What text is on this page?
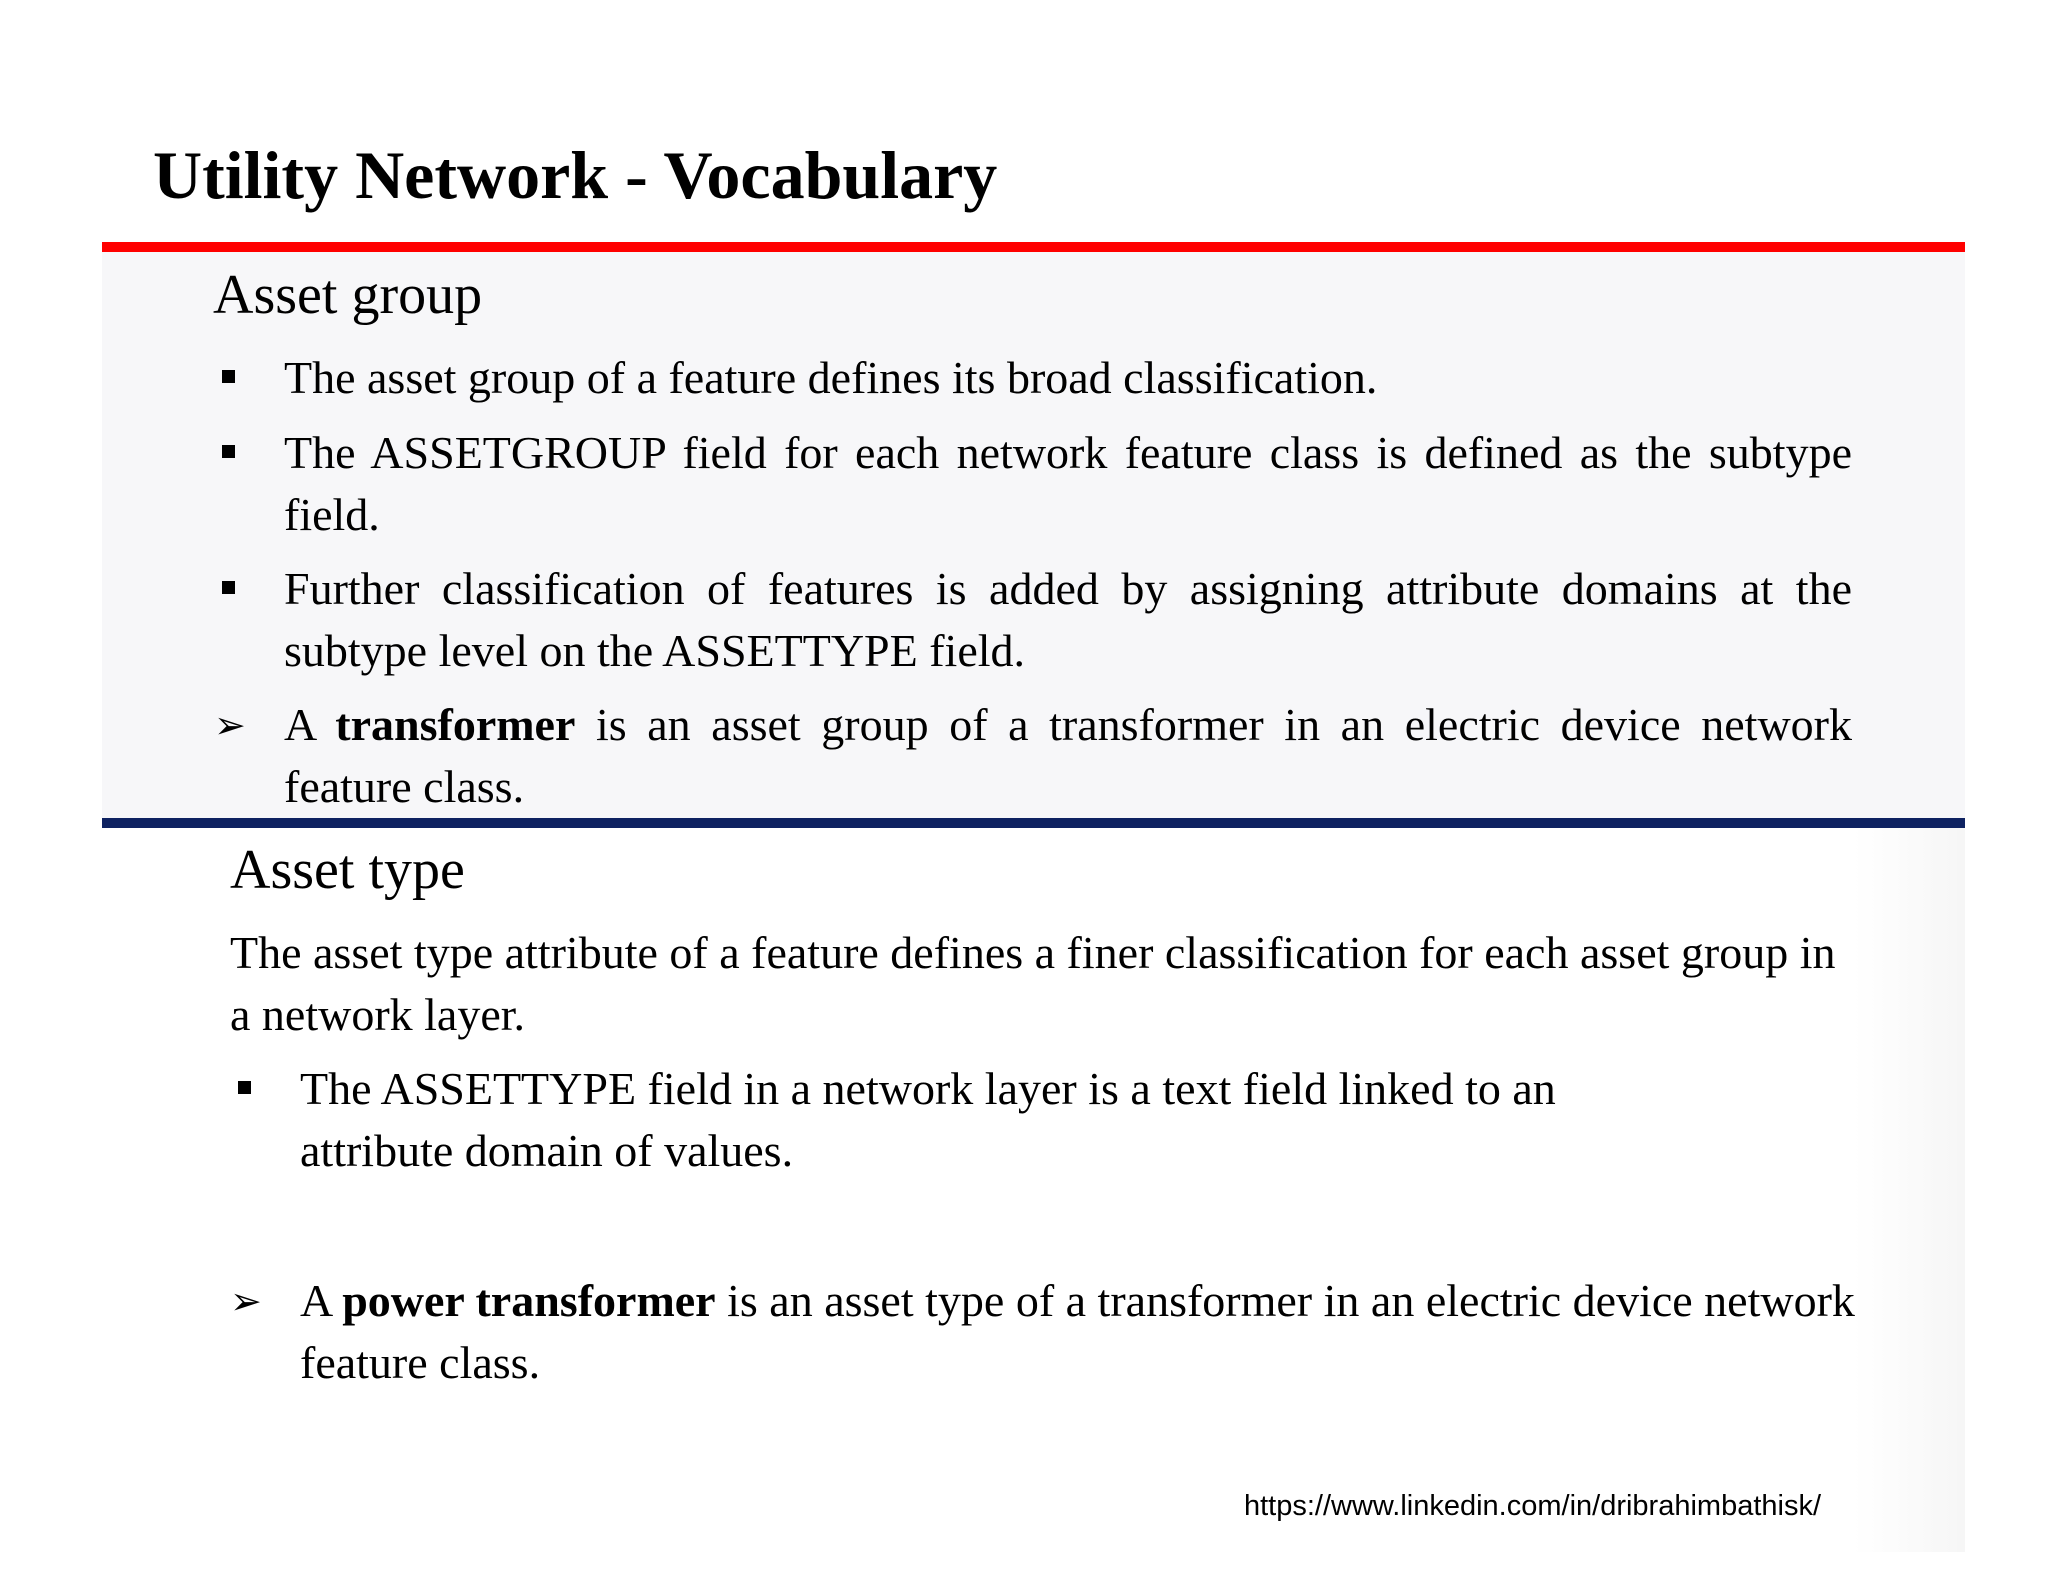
Utility Network - Vocabulary
Asset group
The asset group of a feature defines its broad classification.
The ASSETGROUP field for each network feature class is defined as the subtype field.
Further classification of features is added by assigning attribute domains at the subtype level on the ASSETTYPE field.
➢ A transformer is an asset group of a transformer in an electric device network feature class.
Asset type
The asset type attribute of a feature defines a finer classification for each asset group in a network layer.
The ASSETTYPE field in a network layer is a text field linked to an attribute domain of values.
➢ A power transformer is an asset type of a transformer in an electric device network feature class.
https://www.linkedin.com/in/dribrahimbathisk/
